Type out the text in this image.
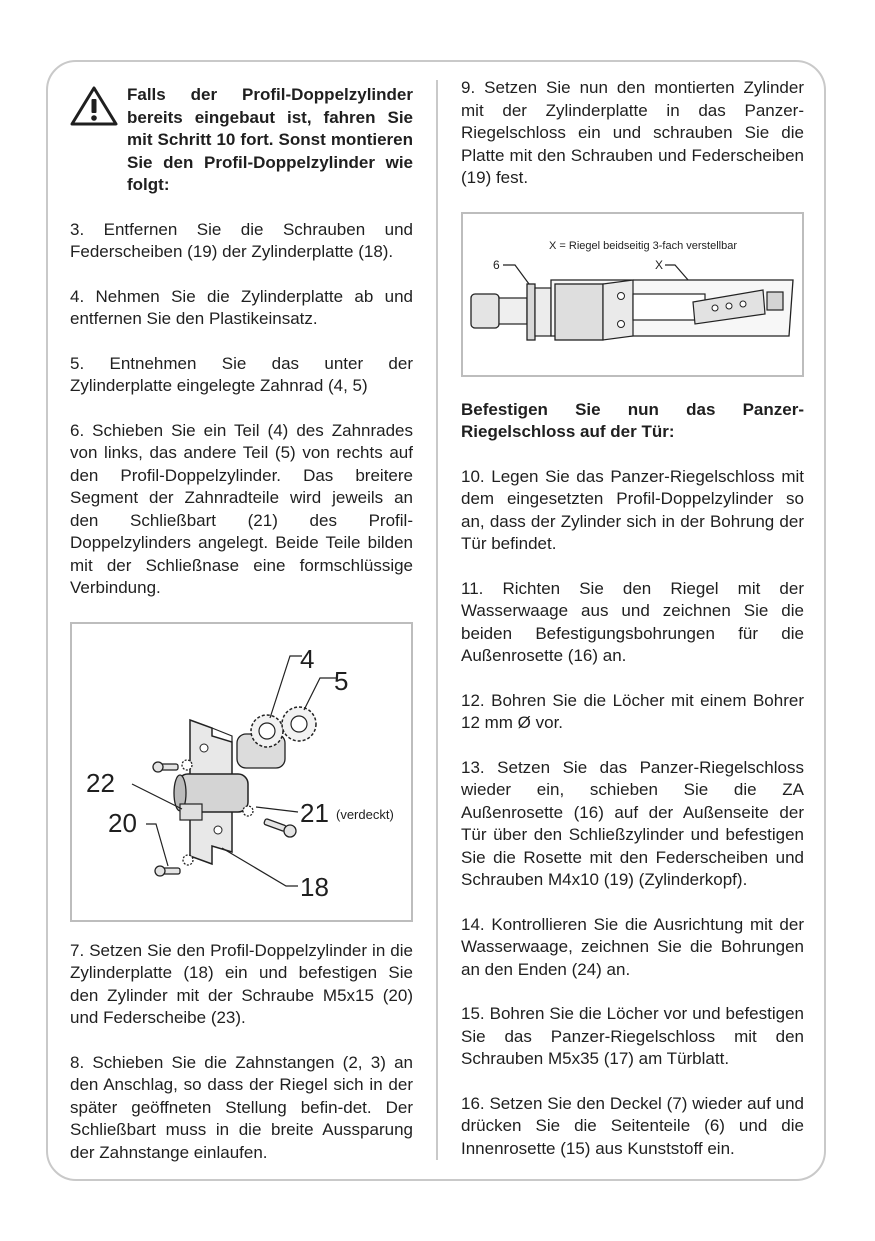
Falls der Profil-Doppelzylinder bereits eingebaut ist, fahren Sie mit Schritt 10 fort. Sonst montieren Sie den Profil-Doppelzylinder wie folgt:

3. Entfernen Sie die Schrauben und Federscheiben (19) der Zylinderplatte (18).

4. Nehmen Sie die Zylinderplatte ab und entfernen Sie den Plastikeinsatz.

5. Entnehmen Sie das unter der Zylinderplatte eingelegte Zahnrad (4, 5)

6. Schieben Sie ein Teil (4) des Zahnrades von links, das andere Teil (5) von rechts auf den Profil-Doppelzylinder. Das breitere Segment der Zahnradteile wird jeweils an den Schließbart (21) des Profil-Doppelzylinders angelegt. Beide Teile bilden mit der Schließnase eine formschlüssige Verbindung.

4
5
22
20	21 (verdeckt)
18

7. Setzen Sie den Profil-Doppelzylinder in die Zylinderplatte (18) ein und befestigen Sie den Zylinder mit der Schraube M5x15 (20) und Federscheibe (23).

8. Schieben Sie die Zahnstangen (2, 3) an den Anschlag, so dass der Riegel sich in der später geöffneten Stellung befin-det. Der Schließbart muss in die breite Aussparung der Zahnstange einlaufen.

9. Setzen Sie nun den montierten Zylinder mit der Zylinderplatte in das Panzer-Riegelschloss ein und schrauben Sie die Platte mit den Schrauben und Federscheiben (19) fest.

X = Riegel beidseitig 3-fach verstellbar
6	X

Befestigen Sie nun das Panzer-Riegelschloss auf der Tür:

10. Legen Sie das Panzer-Riegelschloss mit dem eingesetzten Profil-Doppelzylinder so an, dass der Zylinder sich in der Bohrung der Tür befindet.

11. Richten Sie den Riegel mit der Wasserwaage aus und zeichnen Sie die beiden Befestigungsbohrungen für die Außenrosette (16) an.

12. Bohren Sie die Löcher mit einem Bohrer 12 mm Ø vor.

13. Setzen Sie das Panzer-Riegelschloss wieder ein, schieben Sie die ZA Außenrosette (16) auf der Außenseite der Tür über den Schließzylinder und befestigen Sie die Rosette mit den Federscheiben und Schrauben M4x10 (19) (Zylinderkopf).

14. Kontrollieren Sie die Ausrichtung mit der Wasserwaage, zeichnen Sie die Bohrungen an den Enden (24) an.

15. Bohren Sie die Löcher vor und befestigen Sie das Panzer-Riegelschloss mit den Schrauben M5x35 (17) am Türblatt.

16. Setzen Sie den Deckel (7) wieder auf und drücken Sie die Seitenteile (6) und die Innenrosette (15) aus Kunststoff ein.
